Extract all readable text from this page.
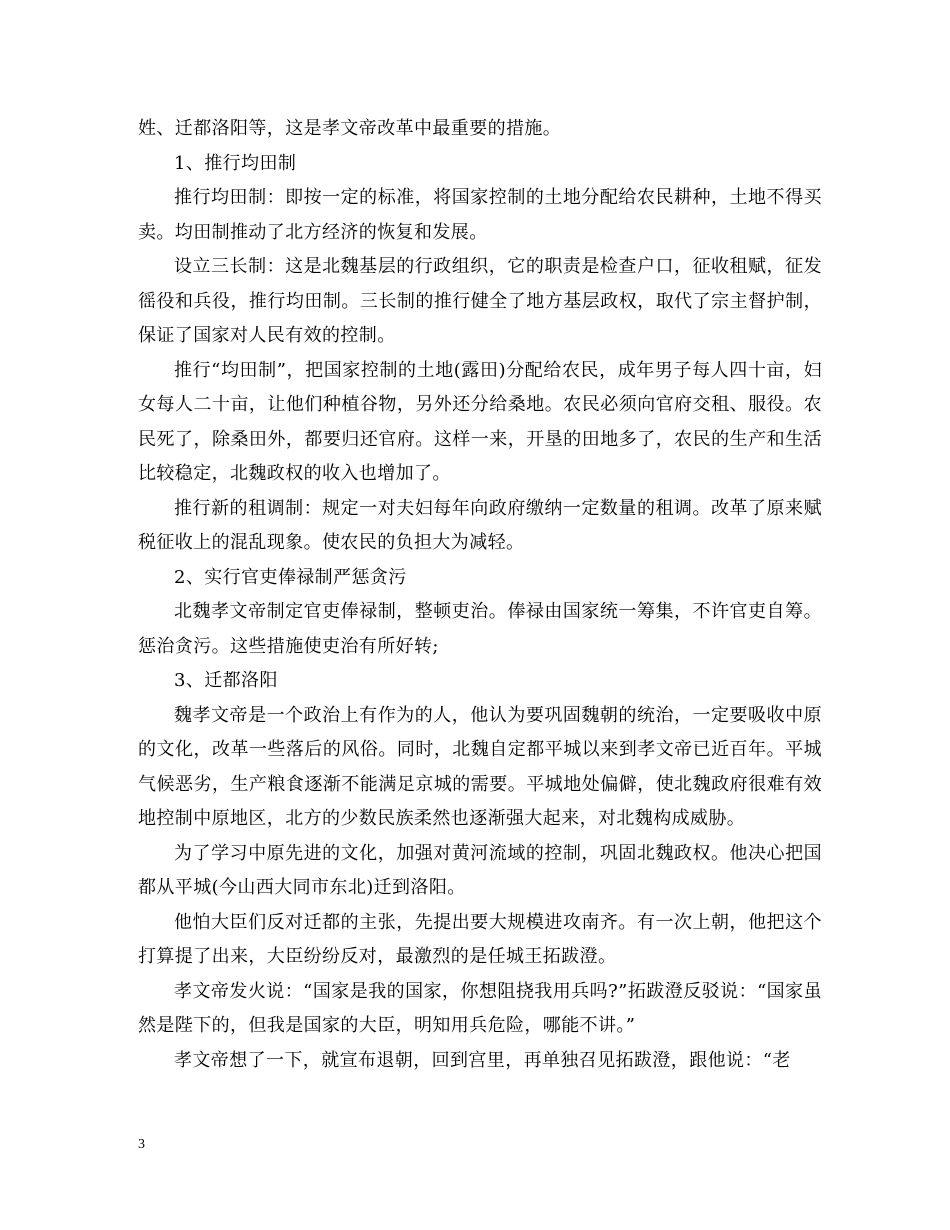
姓、迁都洛阳等，这是孝文帝改革中最重要的措施。

1、推行均田制

推行均田制：即按一定的标准，将国家控制的土地分配给农民耕种，土地不得买卖。均田制推动了北方经济的恢复和发展。

设立三长制：这是北魏基层的行政组织，它的职责是检查户口，征收租赋，征发徭役和兵役，推行均田制。三长制的推行健全了地方基层政权，取代了宗主督护制，保证了国家对人民有效的控制。

推行“均田制”，把国家控制的土地(露田)分配给农民，成年男子每人四十亩，妇女每人二十亩，让他们种植谷物，另外还分给桑地。农民必须向官府交租、服役。农民死了，除桑田外，都要归还官府。这样一来，开垦的田地多了，农民的生产和生活比较稳定，北魏政权的收入也增加了。

推行新的租调制：规定一对夫妇每年向政府缴纳一定数量的租调。改革了原来赋税征收上的混乱现象。使农民的负担大为减轻。

2、实行官吏俸禄制严惩贪污

北魏孝文帝制定官吏俸禄制，整顿吏治。俸禄由国家统一筹集，不许官吏自筹。惩治贪污。这些措施使吏治有所好转;

3、迁都洛阳

魏孝文帝是一个政治上有作为的人，他认为要巩固魏朝的统治，一定要吸收中原的文化，改革一些落后的风俗。同时，北魏自定都平城以来到孝文帝已近百年。平城气候恶劣，生产粮食逐渐不能满足京城的需要。平城地处偏僻，使北魏政府很难有效地控制中原地区，北方的少数民族柔然也逐渐强大起来，对北魏构成威胁。

为了学习中原先进的文化，加强对黄河流域的控制，巩固北魏政权。他决心把国都从平城(今山西大同市东北)迁到洛阳。

他怕大臣们反对迁都的主张，先提出要大规模进攻南齐。有一次上朝，他把这个打算提了出来，大臣纷纷反对，最激烈的是任城王拓跋澄。

孝文帝发火说：“国家是我的国家，你想阻挠我用兵吗?”拓跋澄反驳说：“国家虽然是陛下的，但我是国家的大臣，明知用兵危险，哪能不讲。”

孝文帝想了一下，就宣布退朝，回到宫里，再单独召见拓跋澄，跟他说：“老

3
